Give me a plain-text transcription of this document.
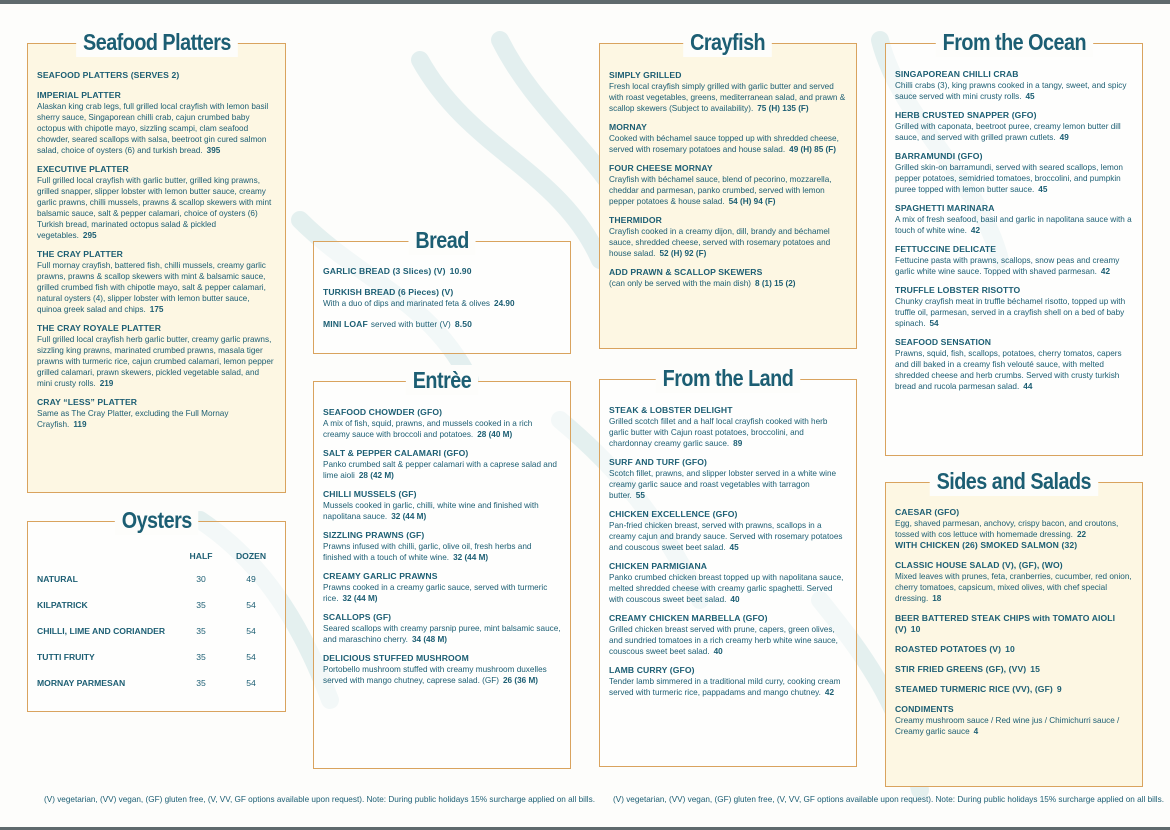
Seafood Platters
SEAFOOD PLATTERS (SERVES 2)
IMPERIAL PLATTER
Alaskan king crab legs, full grilled local crayfish with lemon basil sherry sauce, Singaporean chilli crab, cajun crumbed baby octopus with chipotle mayo, sizzling scampi, clam seafood chowder, seared scallops with salsa, beetroot gin cured salmon salad, choice of oysters (6) and turkish bread. 395
EXECUTIVE PLATTER
Full grilled local crayfish with garlic butter, grilled king prawns, grilled snapper, slipper lobster with lemon butter sauce, creamy garlic prawns, chilli mussels, prawns & scallop skewers with mint balsamic sauce, salt & pepper calamari, choice of oysters (6) Turkish bread, marinated octopus salad & pickled vegetables. 295
THE CRAY PLATTER
Full mornay crayfish, battered fish, chilli mussels, creamy garlic prawns, prawns & scallop skewers with mint & balsamic sauce, grilled crumbed fish with chipotle mayo, salt & pepper calamari, natural oysters (4), slipper lobster with lemon butter sauce, quinoa greek salad and chips. 175
THE CRAY ROYALE PLATTER
Full grilled local crayfish herb garlic butter, creamy garlic prawns, sizzling king prawns, marinated crumbed prawns, masala tiger prawns with turmeric rice, cajun crumbed calamari, lemon pepper grilled calamari, prawn skewers, pickled vegetable salad, and mini crusty rolls. 219
CRAY “LESS” PLATTER
Same as The Cray Platter, excluding the Full Mornay Crayfish. 119
Oysters
HALF	DOZEN
NATURAL	30	49
KILPATRICK	35	54
CHILLI, LIME AND CORIANDER	35	54
TUTTI FRUITY	35	54
MORNAY PARMESAN	35	54
Bread
GARLIC BREAD (3 Slices) (V) 10.90
TURKISH BREAD (6 Pieces) (V)
With a duo of dips and marinated feta & olives 24.90
MINI LOAF served with butter (V) 8.50
Entrèe
SEAFOOD CHOWDER (GFO)
A mix of fish, squid, prawns, and mussels cooked in a rich creamy sauce with broccoli and potatoes. 28 (40 M)
SALT & PEPPER CALAMARI (GFO)
Panko crumbed salt & pepper calamari with a caprese salad and lime aioli 28 (42 M)
CHILLI MUSSELS (GF)
Mussels cooked in garlic, chilli, white wine and finished with napolitana sauce. 32 (44 M)
SIZZLING PRAWNS (GF)
Prawns infused with chilli, garlic, olive oil, fresh herbs and finished with a touch of white wine. 32 (44 M)
CREAMY GARLIC PRAWNS
Prawns cooked in a creamy garlic sauce, served with turmeric rice. 32 (44 M)
SCALLOPS (GF)
Seared scallops with creamy parsnip puree, mint balsamic sauce, and maraschino cherry. 34 (48 M)
DELICIOUS STUFFED MUSHROOM
Portobello mushroom stuffed with creamy mushroom duxelles served with mango chutney, caprese salad. (GF) 26 (36 M)
Crayfish
SIMPLY GRILLED
Fresh local crayfish simply grilled with garlic butter and served with roast vegetables, greens, mediterranean salad, and prawn & scallop skewers (Subject to availability). 75 (H) 135 (F)
MORNAY
Cooked with béchamel sauce topped up with shredded cheese, served with rosemary potatoes and house salad. 49 (H) 85 (F)
FOUR CHEESE MORNAY
Crayfish with béchamel sauce, blend of pecorino, mozzarella, cheddar and parmesan, panko crumbed, served with lemon pepper potatoes & house salad. 54 (H) 94 (F)
THERMIDOR
Crayfish cooked in a creamy dijon, dill, brandy and béchamel sauce, shredded cheese, served with rosemary potatoes and house salad. 52 (H) 92 (F)
ADD PRAWN & SCALLOP SKEWERS
(can only be served with the main dish) 8 (1) 15 (2)
From the Land
STEAK & LOBSTER DELIGHT
Grilled scotch fillet and a half local crayfish cooked with herb garlic butter with Cajun roast potatoes, broccolini, and chardonnay creamy garlic sauce. 89
SURF AND TURF (GFO)
Scotch fillet, prawns, and slipper lobster served in a white wine creamy garlic sauce and roast vegetables with tarragon butter. 55
CHICKEN EXCELLENCE (GFO)
Pan-fried chicken breast, served with prawns, scallops in a creamy cajun and brandy sauce. Served with rosemary potatoes and couscous sweet beet salad. 45
CHICKEN PARMIGIANA
Panko crumbed chicken breast topped up with napolitana sauce, melted shredded cheese with creamy garlic spaghetti. Served with couscous sweet beet salad. 40
CREAMY CHICKEN MARBELLA (GFO)
Grilled chicken breast served with prune, capers, green olives, and sundried tomatoes in a rich creamy herb white wine sauce, couscous sweet beet salad. 40
LAMB CURRY (GFO)
Tender lamb simmered in a traditional mild curry, cooking cream served with turmeric rice, pappadams and mango chutney. 42
From the Ocean
SINGAPOREAN CHILLI CRAB
Chilli crabs (3), king prawns cooked in a tangy, sweet, and spicy sauce served with mini crusty rolls. 45
HERB CRUSTED SNAPPER (GFO)
Grilled with caponata, beetroot puree, creamy lemon butter dill sauce, and served with grilled prawn cutlets. 49
BARRAMUNDI (GFO)
Grilled skin-on barramundi, served with seared scallops, lemon pepper potatoes, semidried tomatoes, broccolini, and pumpkin puree topped with lemon butter sauce. 45
SPAGHETTI MARINARA
A mix of fresh seafood, basil and garlic in napolitana sauce with a touch of white wine. 42
FETTUCCINE DELICATE
Fettucine pasta with prawns, scallops, snow peas and creamy garlic white wine sauce. Topped with shaved parmesan. 42
TRUFFLE LOBSTER RISOTTO
Chunky crayfish meat in truffle béchamel risotto, topped up with truffle oil, parmesan, served in a crayfish shell on a bed of baby spinach. 54
SEAFOOD SENSATION
Prawns, squid, fish, scallops, potatoes, cherry tomatos, capers and dill baked in a creamy fish velouté sauce, with melted shredded cheese and herb crumbs. Served with crusty turkish bread and rucola parmesan salad. 44
Sides and Salads
CAESAR (GFO)
Egg, shaved parmesan, anchovy, crispy bacon, and croutons, tossed with cos lettuce with homemade dressing. 22
WITH CHICKEN (26) SMOKED SALMON (32)
CLASSIC HOUSE SALAD (V), (GF), (WO)
Mixed leaves with prunes, feta, cranberries, cucumber, red onion, cherry tomatoes, capsicum, mixed olives, with chef special dressing. 18
BEER BATTERED STEAK CHIPS with TOMATO AIOLI (V) 10
ROASTED POTATOES (V) 10
STIR FRIED GREENS (GF), (VV) 15
STEAMED TURMERIC RICE (VV), (GF) 9
CONDIMENTS
Creamy mushroom sauce / Red wine jus / Chimichurri sauce / Creamy garlic sauce 4
(V) vegetarian, (VV) vegan, (GF) gluten free, (V, VV, GF options available upon request). Note: During public holidays 15% surcharge applied on all bills. (V) vegetarian, (VV) vegan, (GF) gluten free, (V, VV, GF options available upon request). Note: During public holidays 15% surcharge applied on all bills.
